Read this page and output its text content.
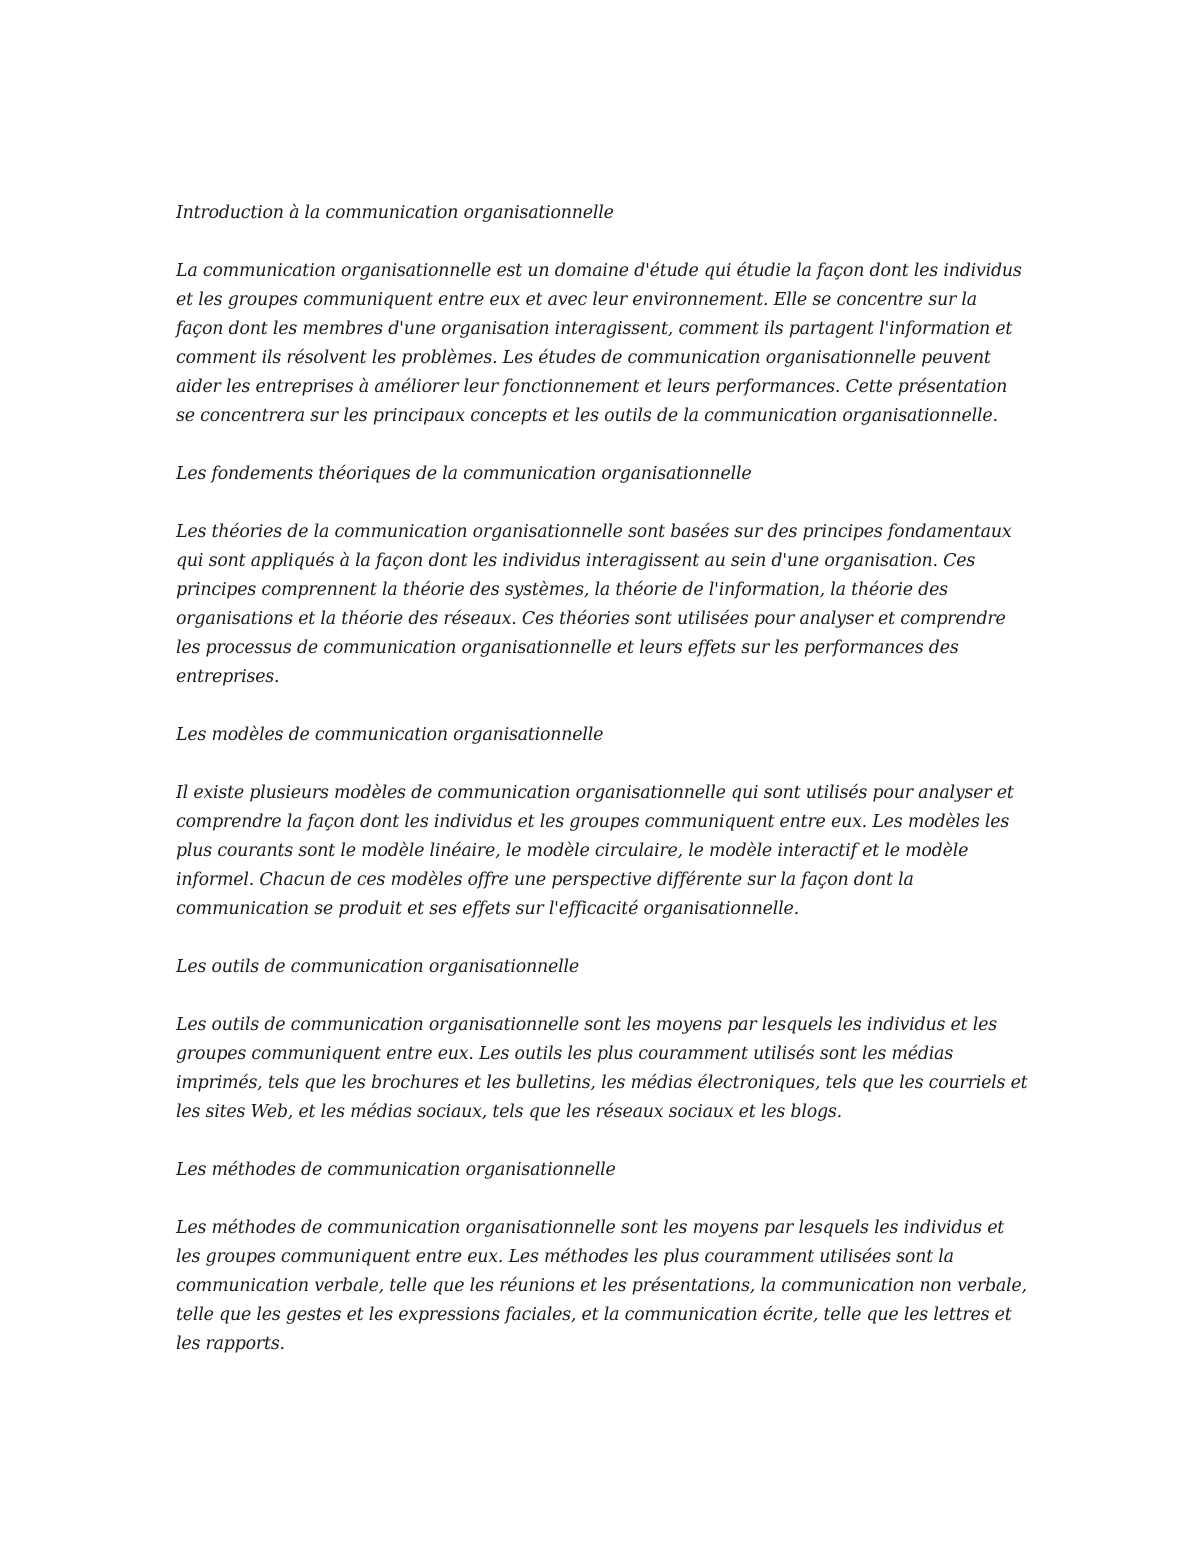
Introduction à la communication organisationnelle

La communication organisationnelle est un domaine d'étude qui étudie la façon dont les individus et les groupes communiquent entre eux et avec leur environnement. Elle se concentre sur la façon dont les membres d'une organisation interagissent, comment ils partagent l'information et comment ils résolvent les problèmes. Les études de communication organisationnelle peuvent aider les entreprises à améliorer leur fonctionnement et leurs performances. Cette présentation se concentrera sur les principaux concepts et les outils de la communication organisationnelle.

Les fondements théoriques de la communication organisationnelle

Les théories de la communication organisationnelle sont basées sur des principes fondamentaux qui sont appliqués à la façon dont les individus interagissent au sein d'une organisation. Ces principes comprennent la théorie des systèmes, la théorie de l'information, la théorie des organisations et la théorie des réseaux. Ces théories sont utilisées pour analyser et comprendre les processus de communication organisationnelle et leurs effets sur les performances des entreprises.

Les modèles de communication organisationnelle

Il existe plusieurs modèles de communication organisationnelle qui sont utilisés pour analyser et comprendre la façon dont les individus et les groupes communiquent entre eux. Les modèles les plus courants sont le modèle linéaire, le modèle circulaire, le modèle interactif et le modèle informel. Chacun de ces modèles offre une perspective différente sur la façon dont la communication se produit et ses effets sur l'efficacité organisationnelle.

Les outils de communication organisationnelle

Les outils de communication organisationnelle sont les moyens par lesquels les individus et les groupes communiquent entre eux. Les outils les plus couramment utilisés sont les médias imprimés, tels que les brochures et les bulletins, les médias électroniques, tels que les courriels et les sites Web, et les médias sociaux, tels que les réseaux sociaux et les blogs.

Les méthodes de communication organisationnelle

Les méthodes de communication organisationnelle sont les moyens par lesquels les individus et les groupes communiquent entre eux. Les méthodes les plus couramment utilisées sont la communication verbale, telle que les réunions et les présentations, la communication non verbale, telle que les gestes et les expressions faciales, et la communication écrite, telle que les lettres et les rapports.
